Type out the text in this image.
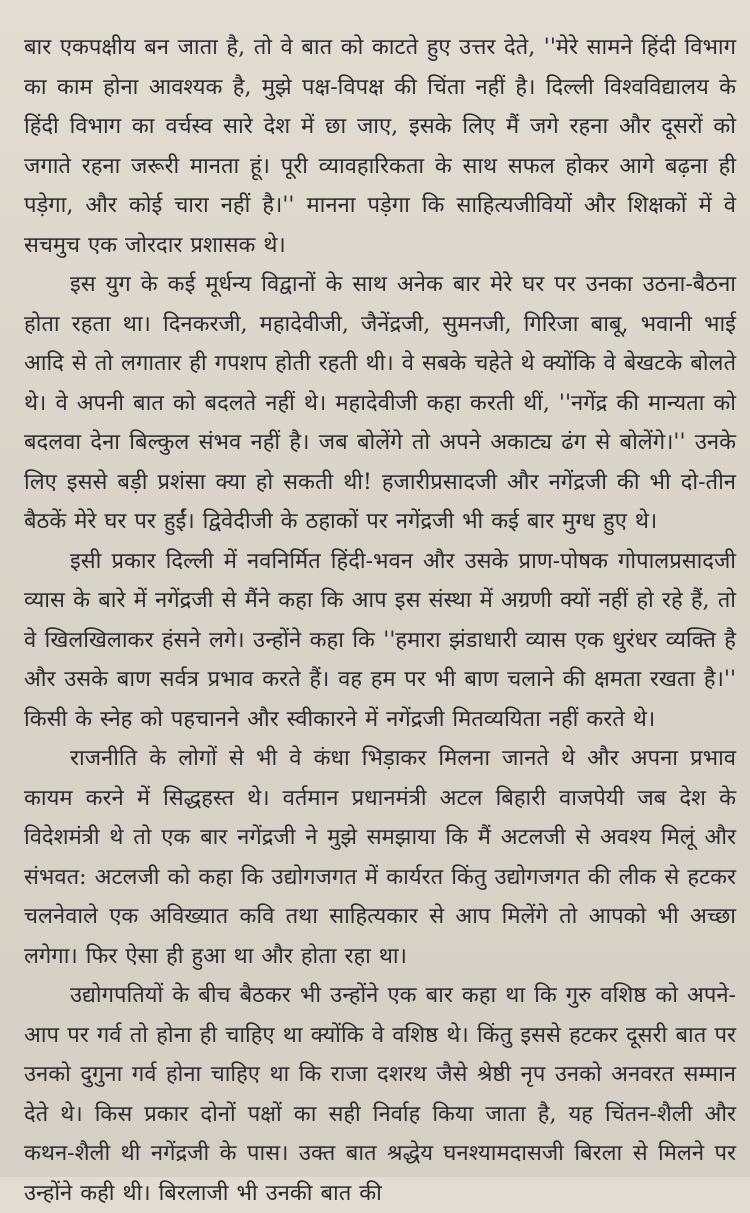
बार एकपक्षीय बन जाता है, तो वे बात को काटते हुए उत्तर देते, ''मेरे सामने हिंदी विभाग का काम होना आवश्यक है, मुझे पक्ष-विपक्ष की चिंता नहीं है। दिल्ली विश्वविद्यालय के हिंदी विभाग का वर्चस्व सारे देश में छा जाए, इसके लिए मैं जगे रहना और दूसरों को जगाते रहना जरूरी मानता हूं। पूरी व्यावहारिकता के साथ सफल होकर आगे बढ़ना ही पड़ेगा, और कोई चारा नहीं है।'' मानना पड़ेगा कि साहित्यजीवियों और शिक्षकों में वे सचमुच एक जोरदार प्रशासक थे।

इस युग के कई मूर्धन्य विद्वानों के साथ अनेक बार मेरे घर पर उनका उठना-बैठना होता रहता था। दिनकरजी, महादेवीजी, जैनेंद्रजी, सुमनजी, गिरिजा बाबू, भवानी भाई आदि से तो लगातार ही गपशप होती रहती थी। वे सबके चहेते थे क्योंकि वे बेखटके बोलते थे। वे अपनी बात को बदलते नहीं थे। महादेवीजी कहा करती थीं, ''नगेंद्र की मान्यता को बदलवा देना बिल्कुल संभव नहीं है। जब बोलेंगे तो अपने अकाट्य ढंग से बोलेंगे।'' उनके लिए इससे बड़ी प्रशंसा क्या हो सकती थी! हजारीप्रसादजी और नगेंद्रजी की भी दो-तीन बैठकें मेरे घर पर हुईं। द्विवेदीजी के ठहाकों पर नगेंद्रजी भी कई बार मुग्ध हुए थे।

इसी प्रकार दिल्ली में नवनिर्मित हिंदी-भवन और उसके प्राण-पोषक गोपालप्रसादजी व्यास के बारे में नगेंद्रजी से मैंने कहा कि आप इस संस्था में अग्रणी क्यों नहीं हो रहे हैं, तो वे खिलखिलाकर हंसने लगे। उन्होंने कहा कि ''हमारा झंडाधारी व्यास एक धुरंधर व्यक्ति है और उसके बाण सर्वत्र प्रभाव करते हैं। वह हम पर भी बाण चलाने की क्षमता रखता है।'' किसी के स्नेह को पहचानने और स्वीकारने में नगेंद्रजी मितव्ययिता नहीं करते थे।

राजनीति के लोगों से भी वे कंधा भिड़ाकर मिलना जानते थे और अपना प्रभाव कायम करने में सिद्धहस्त थे। वर्तमान प्रधानमंत्री अटल बिहारी वाजपेयी जब देश के विदेशमंत्री थे तो एक बार नगेंद्रजी ने मुझे समझाया कि मैं अटलजी से अवश्य मिलूं और संभवत: अटलजी को कहा कि उद्योगजगत में कार्यरत किंतु उद्योगजगत की लीक से हटकर चलनेवाले एक अविख्यात कवि तथा साहित्यकार से आप मिलेंगे तो आपको भी अच्छा लगेगा। फिर ऐसा ही हुआ था और होता रहा था।

उद्योगपतियों के बीच बैठकर भी उन्होंने एक बार कहा था कि गुरु वशिष्ठ को अपने-आप पर गर्व तो होना ही चाहिए था क्योंकि वे वशिष्ठ थे। किंतु इससे हटकर दूसरी बात पर उनको दुगुना गर्व होना चाहिए था कि राजा दशरथ जैसे श्रेष्ठी नृप उनको अनवरत सम्मान देते थे। किस प्रकार दोनों पक्षों का सही निर्वाह किया जाता है, यह चिंतन-शैली और कथन-शैली थी नगेंद्रजी के पास। उक्त बात श्रद्धेय घनश्यामदासजी बिरला से मिलने पर उन्होंने कही थी। बिरलाजी भी उनकी बात की
